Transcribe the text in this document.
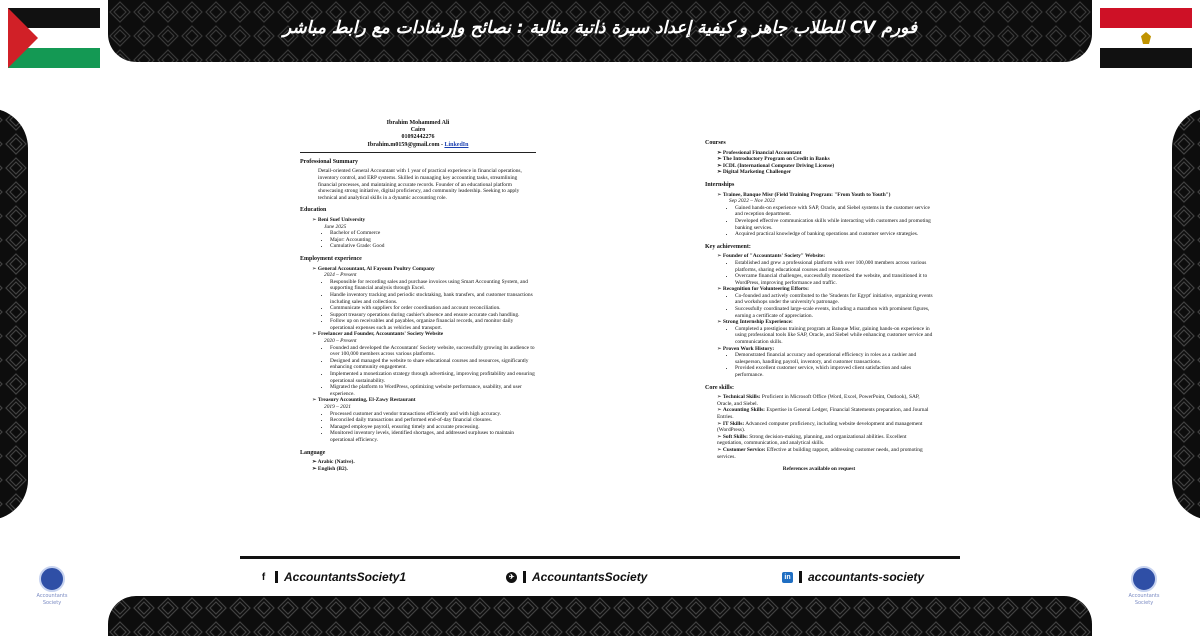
فورم CV للطلاب جاهز و كيفية إعداد سيرة ذاتية مثالية : نصائح وإرشادات مع رابط مباشر
Ibrahim Mohammed Ali
Cairo
01092442276
Ibrahim.m0159@gmail.com - LinkedIn
Professional Summary
Detail-oriented General Accountant with 1 year of practical experience in financial operations, inventory control, and ERP systems. Skilled in managing key accounting tasks, streamlining financial processes, and maintaining accurate records. Founder of an educational platform showcasing strong initiative, digital proficiency, and community leadership. Seeking to apply technical and analytical skills in a dynamic accounting role.
Education
➢ Beni Suef University
June 2025
• Bachelor of Commerce
• Major: Accounting
• Cumulative Grade: Good
Employment experience
➢ General Accountant, Al Fayoum Poultry Company
2024 – Present
• Responsible for recording sales and purchase invoices using Smart Accounting System, and supporting financial analysis through Excel.
• Handle inventory tracking and periodic stocktaking, bank transfers, and customer transactions including sales and collections.
• Communicate with suppliers for order coordination and account reconciliation.
• Support treasury operations during cashier's absence and ensure accurate cash handling.
• Follow up on receivables and payables, organize financial records, and monitor daily operational expenses such as vehicles and transport.
➢ Freelancer and Founder, Accountants' Society Website
2020 – Present
• Founded and developed the Accountants' Society website, successfully growing its audience to over 100,000 members across various platforms.
• Designed and managed the website to share educational courses and resources, significantly enhancing community engagement.
• Implemented a monetization strategy through advertising, improving profitability and ensuring operational sustainability.
• Migrated the platform to WordPress, optimizing website performance, usability, and user experience.
➢ Treasury Accounting, El-Zawy Restaurant
2019 – 2021
• Processed customer and vendor transactions efficiently and with high accuracy.
• Reconciled daily transactions and performed end-of-day financial closures.
• Managed employee payroll, ensuring timely and accurate processing.
• Monitored inventory levels, identified shortages, and addressed surpluses to maintain operational efficiency.
Language
➢ Arabic (Native).
➢ English (B2).
Courses
➢ Professional Financial Accountant
➢ The Introductory Program on Credit in Banks
➢ ICDL (International Computer Driving License)
➢ Digital Marketing Challenger
Internships
➢ Trainee, Banque Misr (Field Training Program: "From Youth to Youth")
Sep 2022 – Nov 2022
• Gained hands-on experience with SAP, Oracle, and Siebel systems in the customer service and reception department.
• Developed effective communication skills while interacting with customers and promoting banking services.
• Acquired practical knowledge of banking operations and customer service strategies.
Key achievement:
➢ Founder of "Accountants' Society" Website:
• Established and grew a professional platform with over 100,000 members across various platforms, sharing educational courses and resources.
• Overcame financial challenges, successfully monetized the website, and transitioned it to WordPress, improving performance and traffic.
➢ Recognition for Volunteering Efforts:
• Co-founded and actively contributed to the 'Students for Egypt' initiative, organizing events and workshops under the university's patronage.
• Successfully coordinated large-scale events, including a marathon with prominent figures, earning a certificate of appreciation.
➢ Strong Internship Experience:
• Completed a prestigious training program at Banque Misr, gaining hands-on experience in using professional tools like SAP, Oracle, and Siebel while enhancing customer service and communication skills.
➢ Proven Work History:
• Demonstrated financial accuracy and operational efficiency in roles as a cashier and salesperson, handling payroll, inventory, and customer transactions.
• Provided excellent customer service, which improved client satisfaction and sales performance.
Core skills:
➢ Technical Skills: Proficient in Microsoft Office (Word, Excel, PowerPoint, Outlook), SAP, Oracle, and Siebel.
➢ Accounting Skills: Expertise in General Ledger, Financial Statements preparation, and Journal Entries.
➢ IT Skills: Advanced computer proficiency, including website development and management (WordPress).
➢ Soft Skills: Strong decision-making, planning, and organizational abilities. Excellent negotiation, communication, and analytical skills.
➢ Customer Service: Effective at building rapport, addressing customer needs, and promoting services.
References available on request
f	AccountantsSociety1	✈ AccountantsSociety	in accountants-society
Accountants Society
Accountants Society
